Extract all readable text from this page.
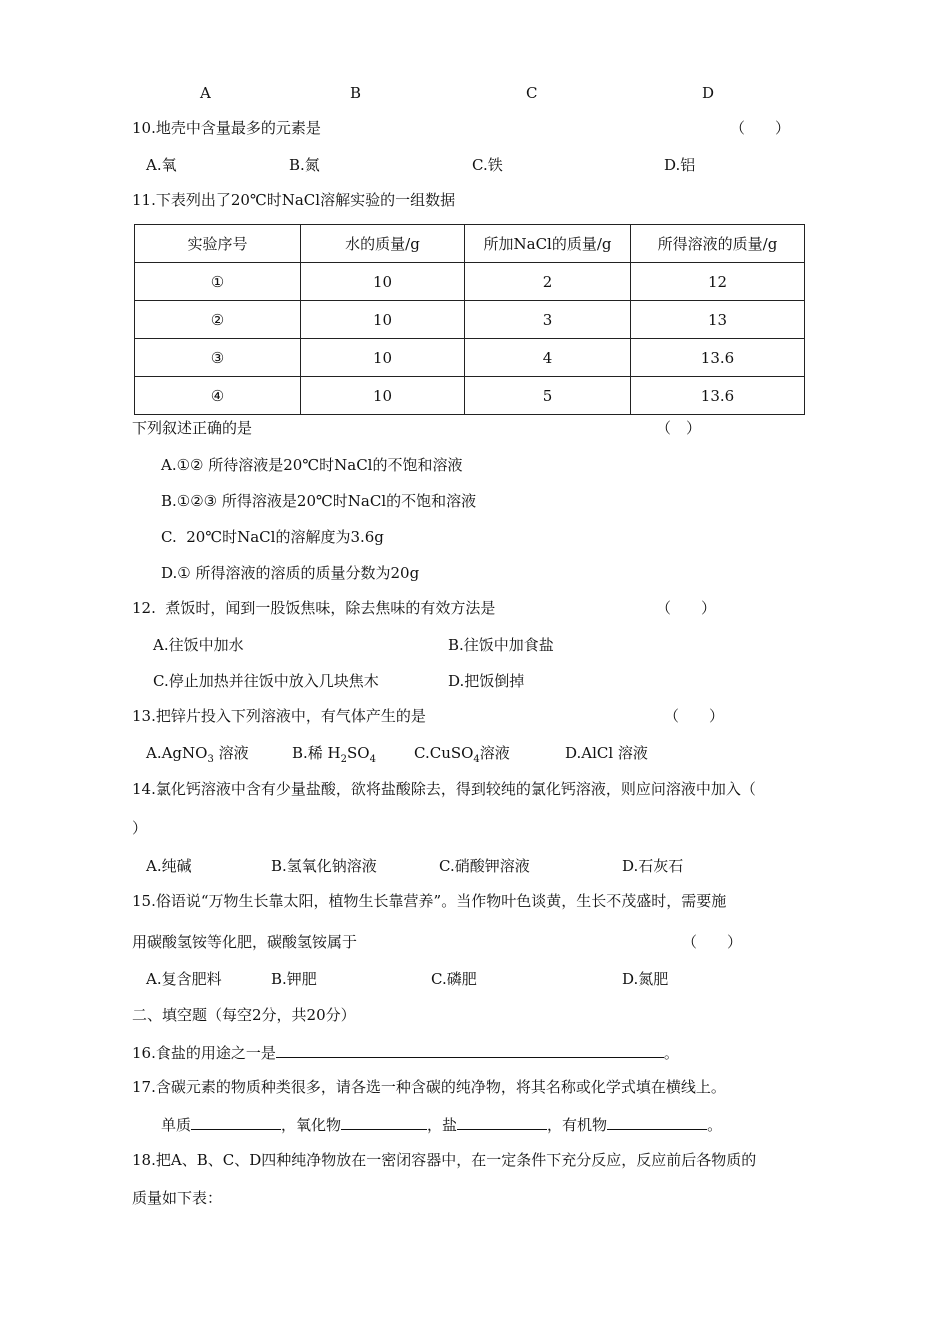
A	B	C	D
10.地壳中含量最多的元素是	（　　）
A.氧	B.氮	C.铁	D.铝
11.下表列出了20℃时NaCl溶解实验的一组数据
实验序号	水的质量/g	所加NaCl的质量/g	所得溶液的质量/g
①	10	2	12
②	10	3	13
③	10	4	13.6
④	10	5	13.6
下列叙述正确的是	（　）
A.①② 所待溶液是20℃时NaCl的不饱和溶液
B.①②③ 所得溶液是20℃时NaCl的不饱和溶液
C.  20℃时NaCl的溶解度为3.6g
D.① 所得溶液的溶质的质量分数为20g
12.  煮饭时，闻到一股饭焦味，除去焦味的有效方法是	（　　）
A.往饭中加水	B.往饭中加食盐
C.停止加热并往饭中放入几块焦木	D.把饭倒掉
13.把锌片投入下列溶液中，有气体产生的是	（　　）
A.AgNO$_3$ 溶液	B.稀 $H_2SO_4$	C.CuSO$_4$溶液	D.AlCl 溶液
14.氯化钙溶液中含有少量盐酸，欲将盐酸除去，得到较纯的氯化钙溶液，则应问溶液中加入（
）
A.纯碱	B.氢氧化钠溶液	C.硝酸钾溶液	D.石灰石
15.俗语说“万物生长靠太阳，植物生长靠营养”。当作物叶色谈黄，生长不茂盛时，需要施
用碳酸氢铵等化肥，碳酸氢铵属于	（　　）
A.复含肥料	B.钾肥	C.磷肥	D.氮肥
二、填空题（每空2分，共20分）
16.食盐的用途之一是	。
17.含碳元素的物质种类很多，请各选一种含碳的纯净物，将其名称或化学式填在横线上。
单质	，氧化物	，盐	，有机物	。
18.把A、B、C、D四种纯净物放在一密闭容器中，在一定条件下充分反应，反应前后各物质的
质量如下表：
